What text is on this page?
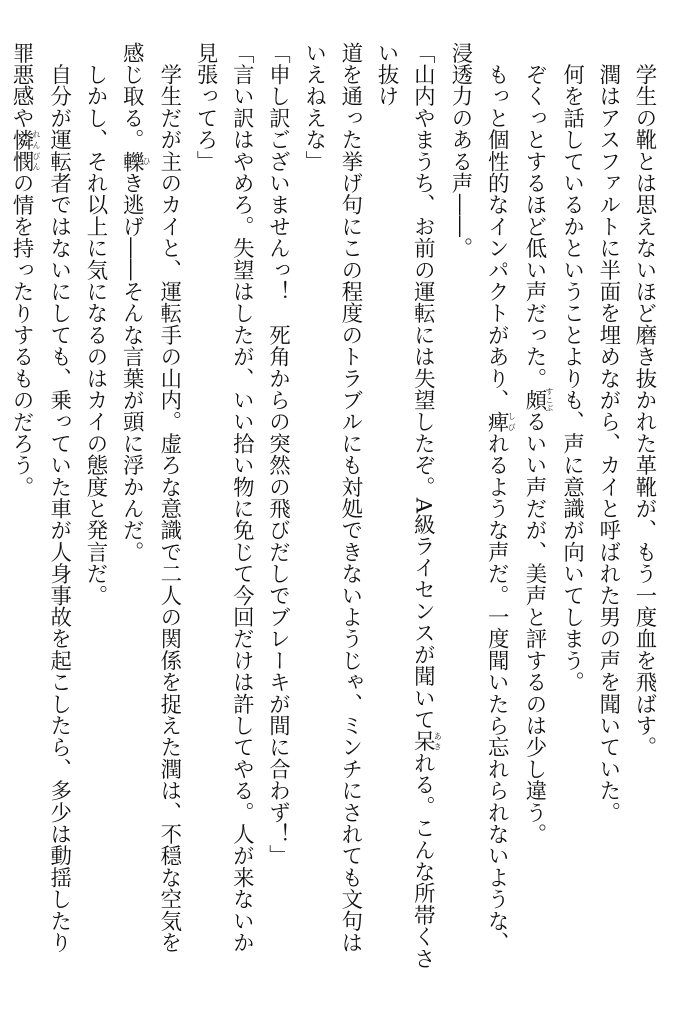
　学生の靴とは思えないほど磨き抜かれた革靴が、もう一度血を飛ばす。

　潤はアスファルトに半面を埋めながら、カイと呼ばれた男の声を聞いていた。

　何を話しているかということよりも、声に意識が向いてしまう。

　ぞくっとするほど低い声だった。頗すこぶるいい声だが、美声と評するのは少し違う。

　もっと個性的なインパクトがあり、痺しびれるような声だ。一度聞いたら忘れられないような、

浸透力のある声――。

「山内やまうち、お前の運転には失望したぞ。A級ライセンスが聞いて呆あきれる。こんな所帯くさい抜け

道を通った挙げ句にこの程度のトラブルにも対処できないようじゃ、ミンチにされても文句は

いえねえな」

「申し訳ございませんっ！　死角からの突然の飛びだしでブレーキが間に合わず！」

「言い訳はやめろ。失望はしたが、いい拾い物に免じて今回だけは許してやる。人が来ないか

見張ってろ」

　学生だが主のカイと、運転手の山内。虚ろな意識で二人の関係を捉えた潤は、不穏な空気を

感じ取る。轢ひき逃げ――そんな言葉が頭に浮かんだ。

　しかし、それ以上に気になるのはカイの態度と発言だ。

　自分が運転者ではないにしても、乗っていた車が人身事故を起こしたら、多少は動揺したり

罪悪感や憐憫れんびんの情を持ったりするものだろう。
